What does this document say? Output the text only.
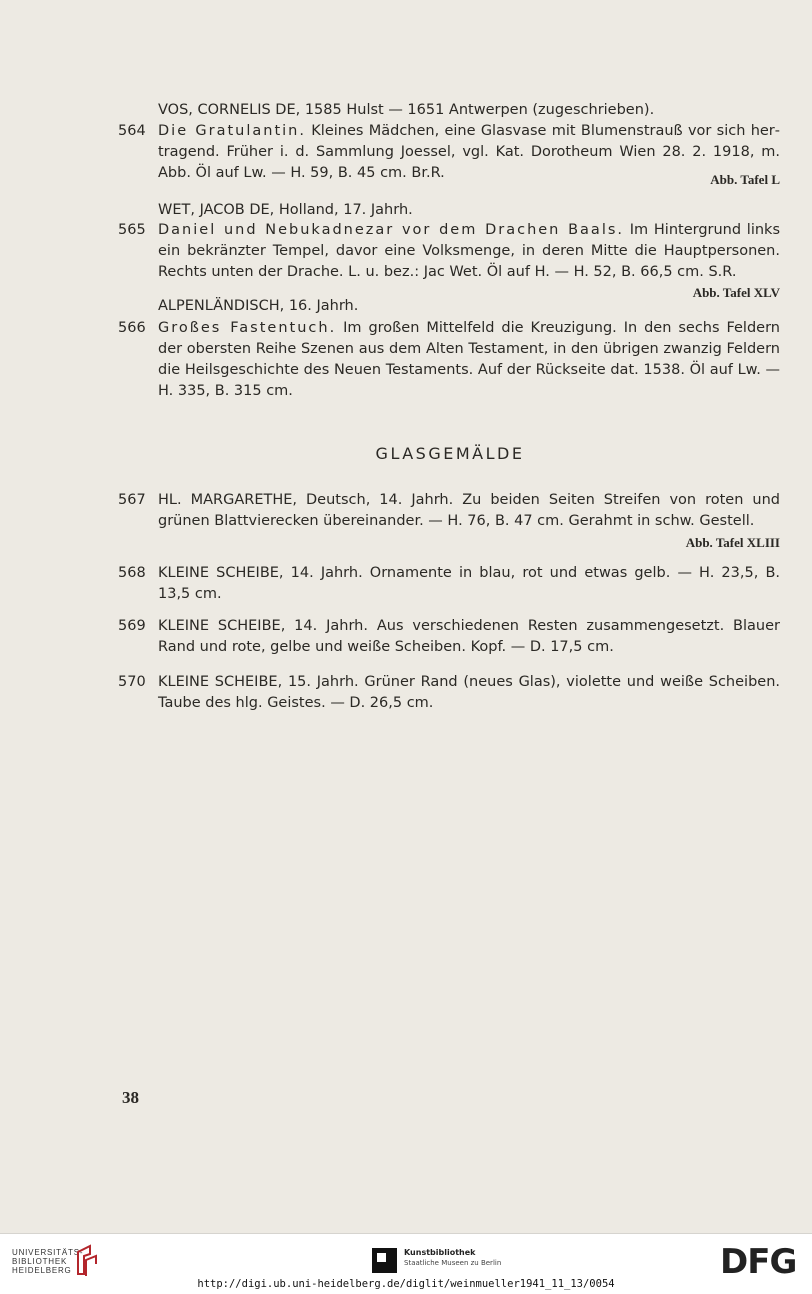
VOS, CORNELIS DE, 1585 Hulst — 1651 Antwerpen (zugeschrieben).
564 Die Gratulantin. Kleines Mädchen, eine Glasvase mit Blumenstrauß vor sich hertragend. Früher i. d. Sammlung Joessel, vgl. Kat. Dorotheum Wien 28. 2. 1918, m. Abb. Öl auf Lw. — H. 59, B. 45 cm. Br.R.	Abb. Tafel L
WET, JACOB DE, Holland, 17. Jahrh.
565 Daniel und Nebukadnezar vor dem Drachen Baals. Im Hintergrund links ein bekränzter Tempel, davor eine Volksmenge, in deren Mitte die Hauptpersonen. Rechts unten der Drache. L. u. bez.: Jac Wet. Öl auf H. — H. 52, B. 66,5 cm. S.R.
Abb. Tafel XLV
ALPENLÄNDISCH, 16. Jahrh.
566 Großes Fastentuch. Im großen Mittelfeld die Kreuzigung. In den sechs Feldern der obersten Reihe Szenen aus dem Alten Testament, in den übrigen zwanzig Feldern die Heilsgeschichte des Neuen Testaments. Auf der Rückseite dat. 1538. Öl auf Lw. — H. 335, B. 315 cm.
GLASGEMÄLDE
567 HL. MARGARETHE, Deutsch, 14. Jahrh. Zu beiden Seiten Streifen von roten und grünen Blattvierecken übereinander. — H. 76, B. 47 cm. Gerahmt in schw. Gestell.
Abb. Tafel XLIII
568 KLEINE SCHEIBE, 14. Jahrh. Ornamente in blau, rot und etwas gelb. — H. 23,5, B. 13,5 cm.
569 KLEINE SCHEIBE, 14. Jahrh. Aus verschiedenen Resten zusammengesetzt. Blauer Rand und rote, gelbe und weiße Scheiben. Kopf. — D. 17,5 cm.
570 KLEINE SCHEIBE, 15. Jahrh. Grüner Rand (neues Glas), violette und weiße Scheiben. Taube des hlg. Geistes. — D. 26,5 cm.
38
UNIVERSITÄTS-
BIBLIOTHEK
HEIDELBERG
Kunstbibliothek
Staatliche Museen zu Berlin	DFG
http://digi.ub.uni-heidelberg.de/diglit/weinmueller1941_11_13/0054
